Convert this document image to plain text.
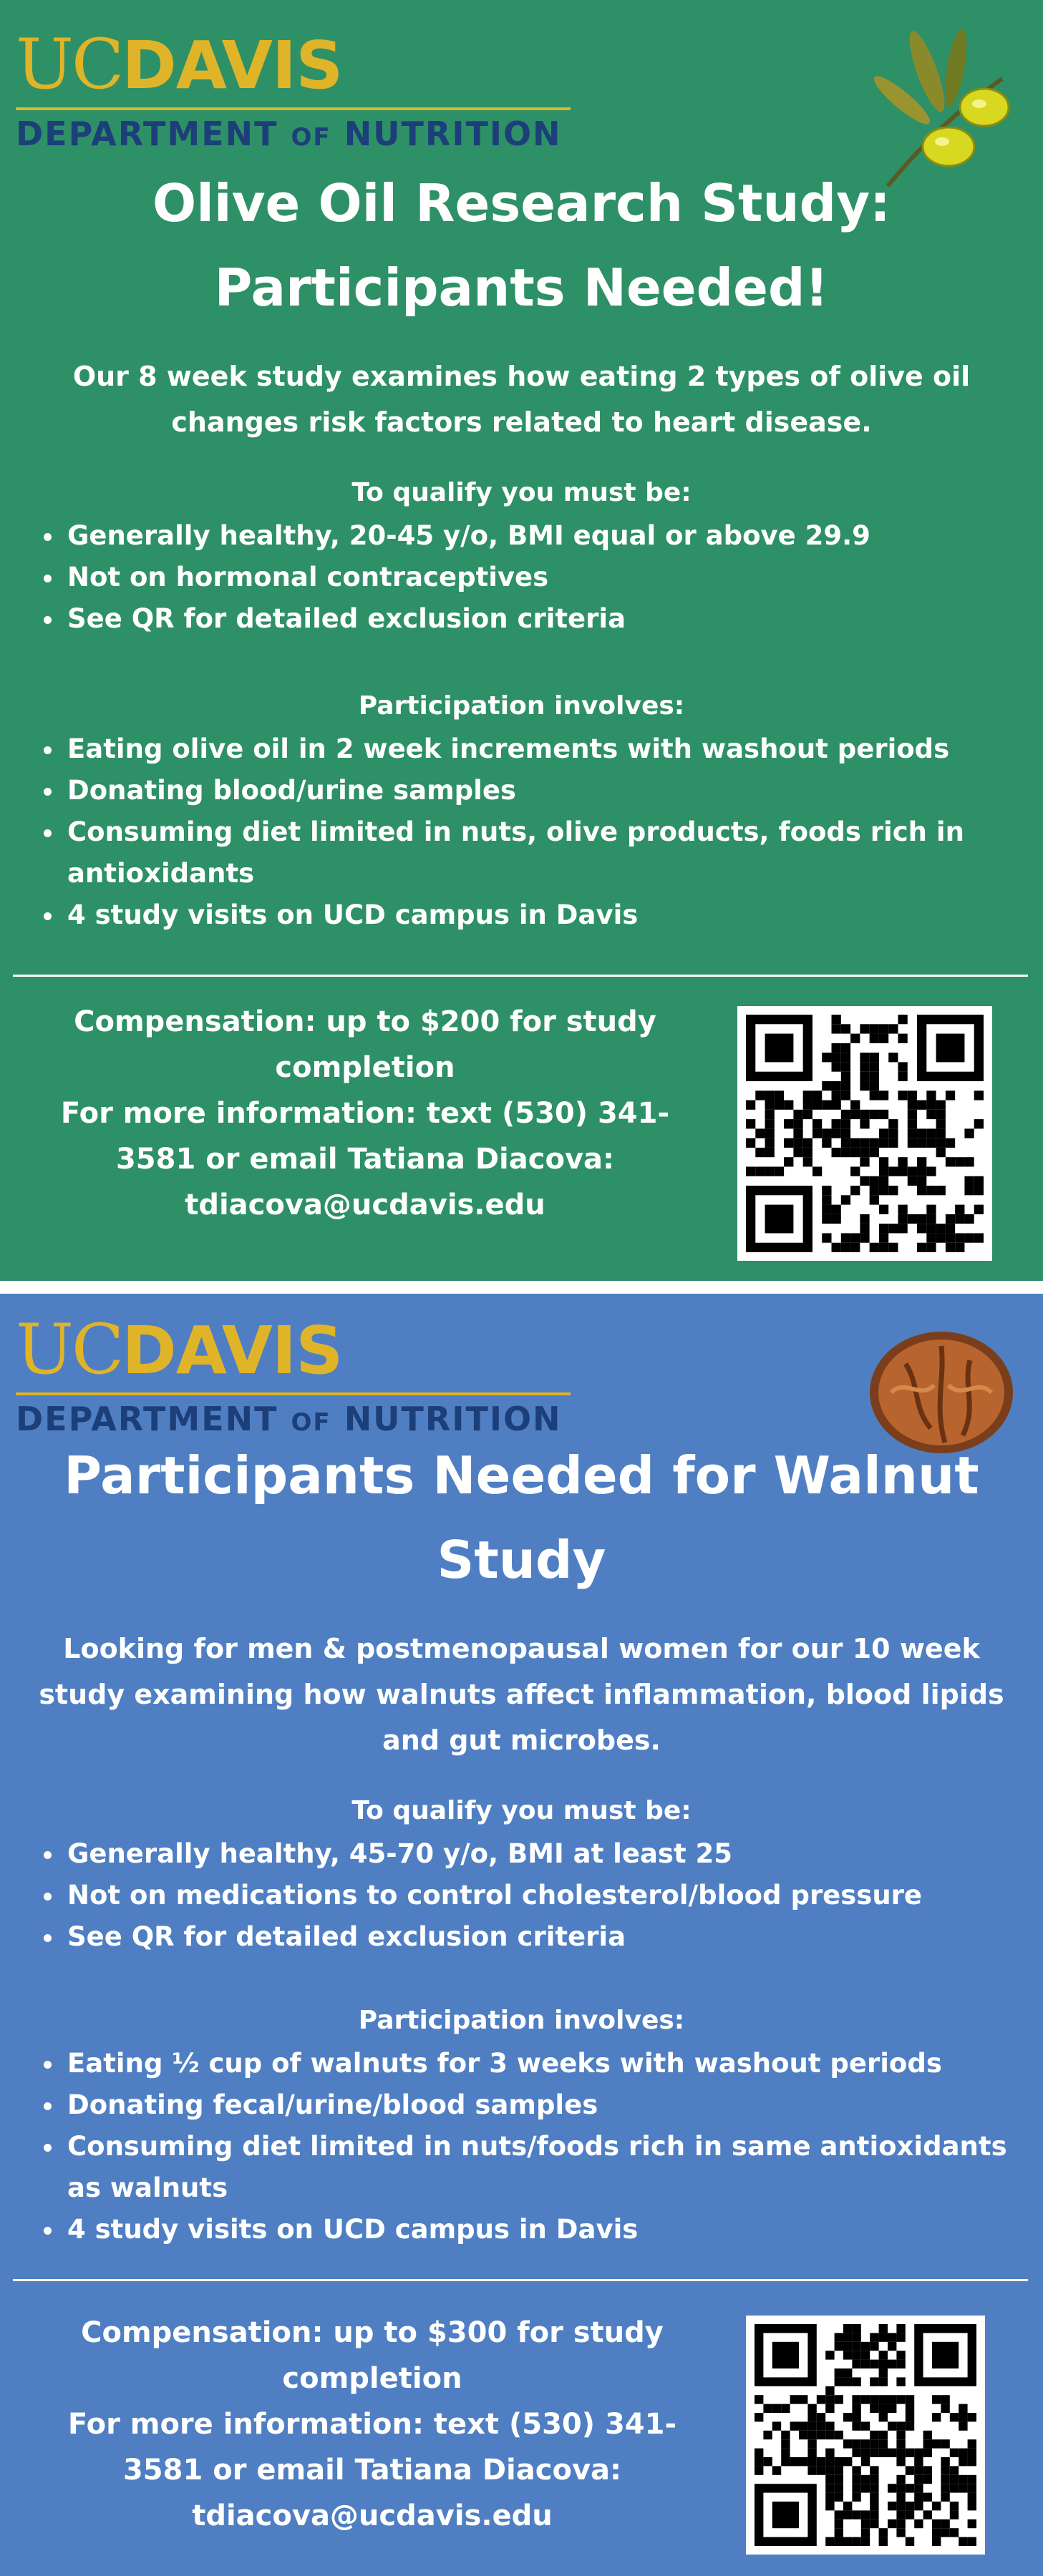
UCDAVIS
DEPARTMENT OF NUTRITION
Olive Oil Research Study:
Participants Needed!
Our 8 week study examines how eating 2 types of olive oil changes risk factors related to heart disease.
To qualify you must be:
• Generally healthy, 20-45 y/o, BMI equal or above 29.9
• Not on hormonal contraceptives
• See QR for detailed exclusion criteria
Participation involves:
• Eating olive oil in 2 week increments with washout periods
• Donating blood/urine samples
• Consuming diet limited in nuts, olive products, foods rich in antioxidants
• 4 study visits on UCD campus in Davis
Compensation: up to $200 for study completion
For more information: text (530) 341-3581 or email Tatiana Diacova: tdiacova@ucdavis.edu
UCDAVIS
DEPARTMENT OF NUTRITION
Participants Needed for Walnut
Study
Looking for men & postmenopausal women for our 10 week study examining how walnuts affect inflammation, blood lipids and gut microbes.
To qualify you must be:
• Generally healthy, 45-70 y/o, BMI at least 25
• Not on medications to control cholesterol/blood pressure
• See QR for detailed exclusion criteria
Participation involves:
• Eating ½ cup of walnuts for 3 weeks with washout periods
• Donating fecal/urine/blood samples
• Consuming diet limited in nuts/foods rich in same antioxidants as walnuts
• 4 study visits on UCD campus in Davis
Compensation: up to $300 for study completion
For more information: text (530) 341-3581 or email Tatiana Diacova: tdiacova@ucdavis.edu
